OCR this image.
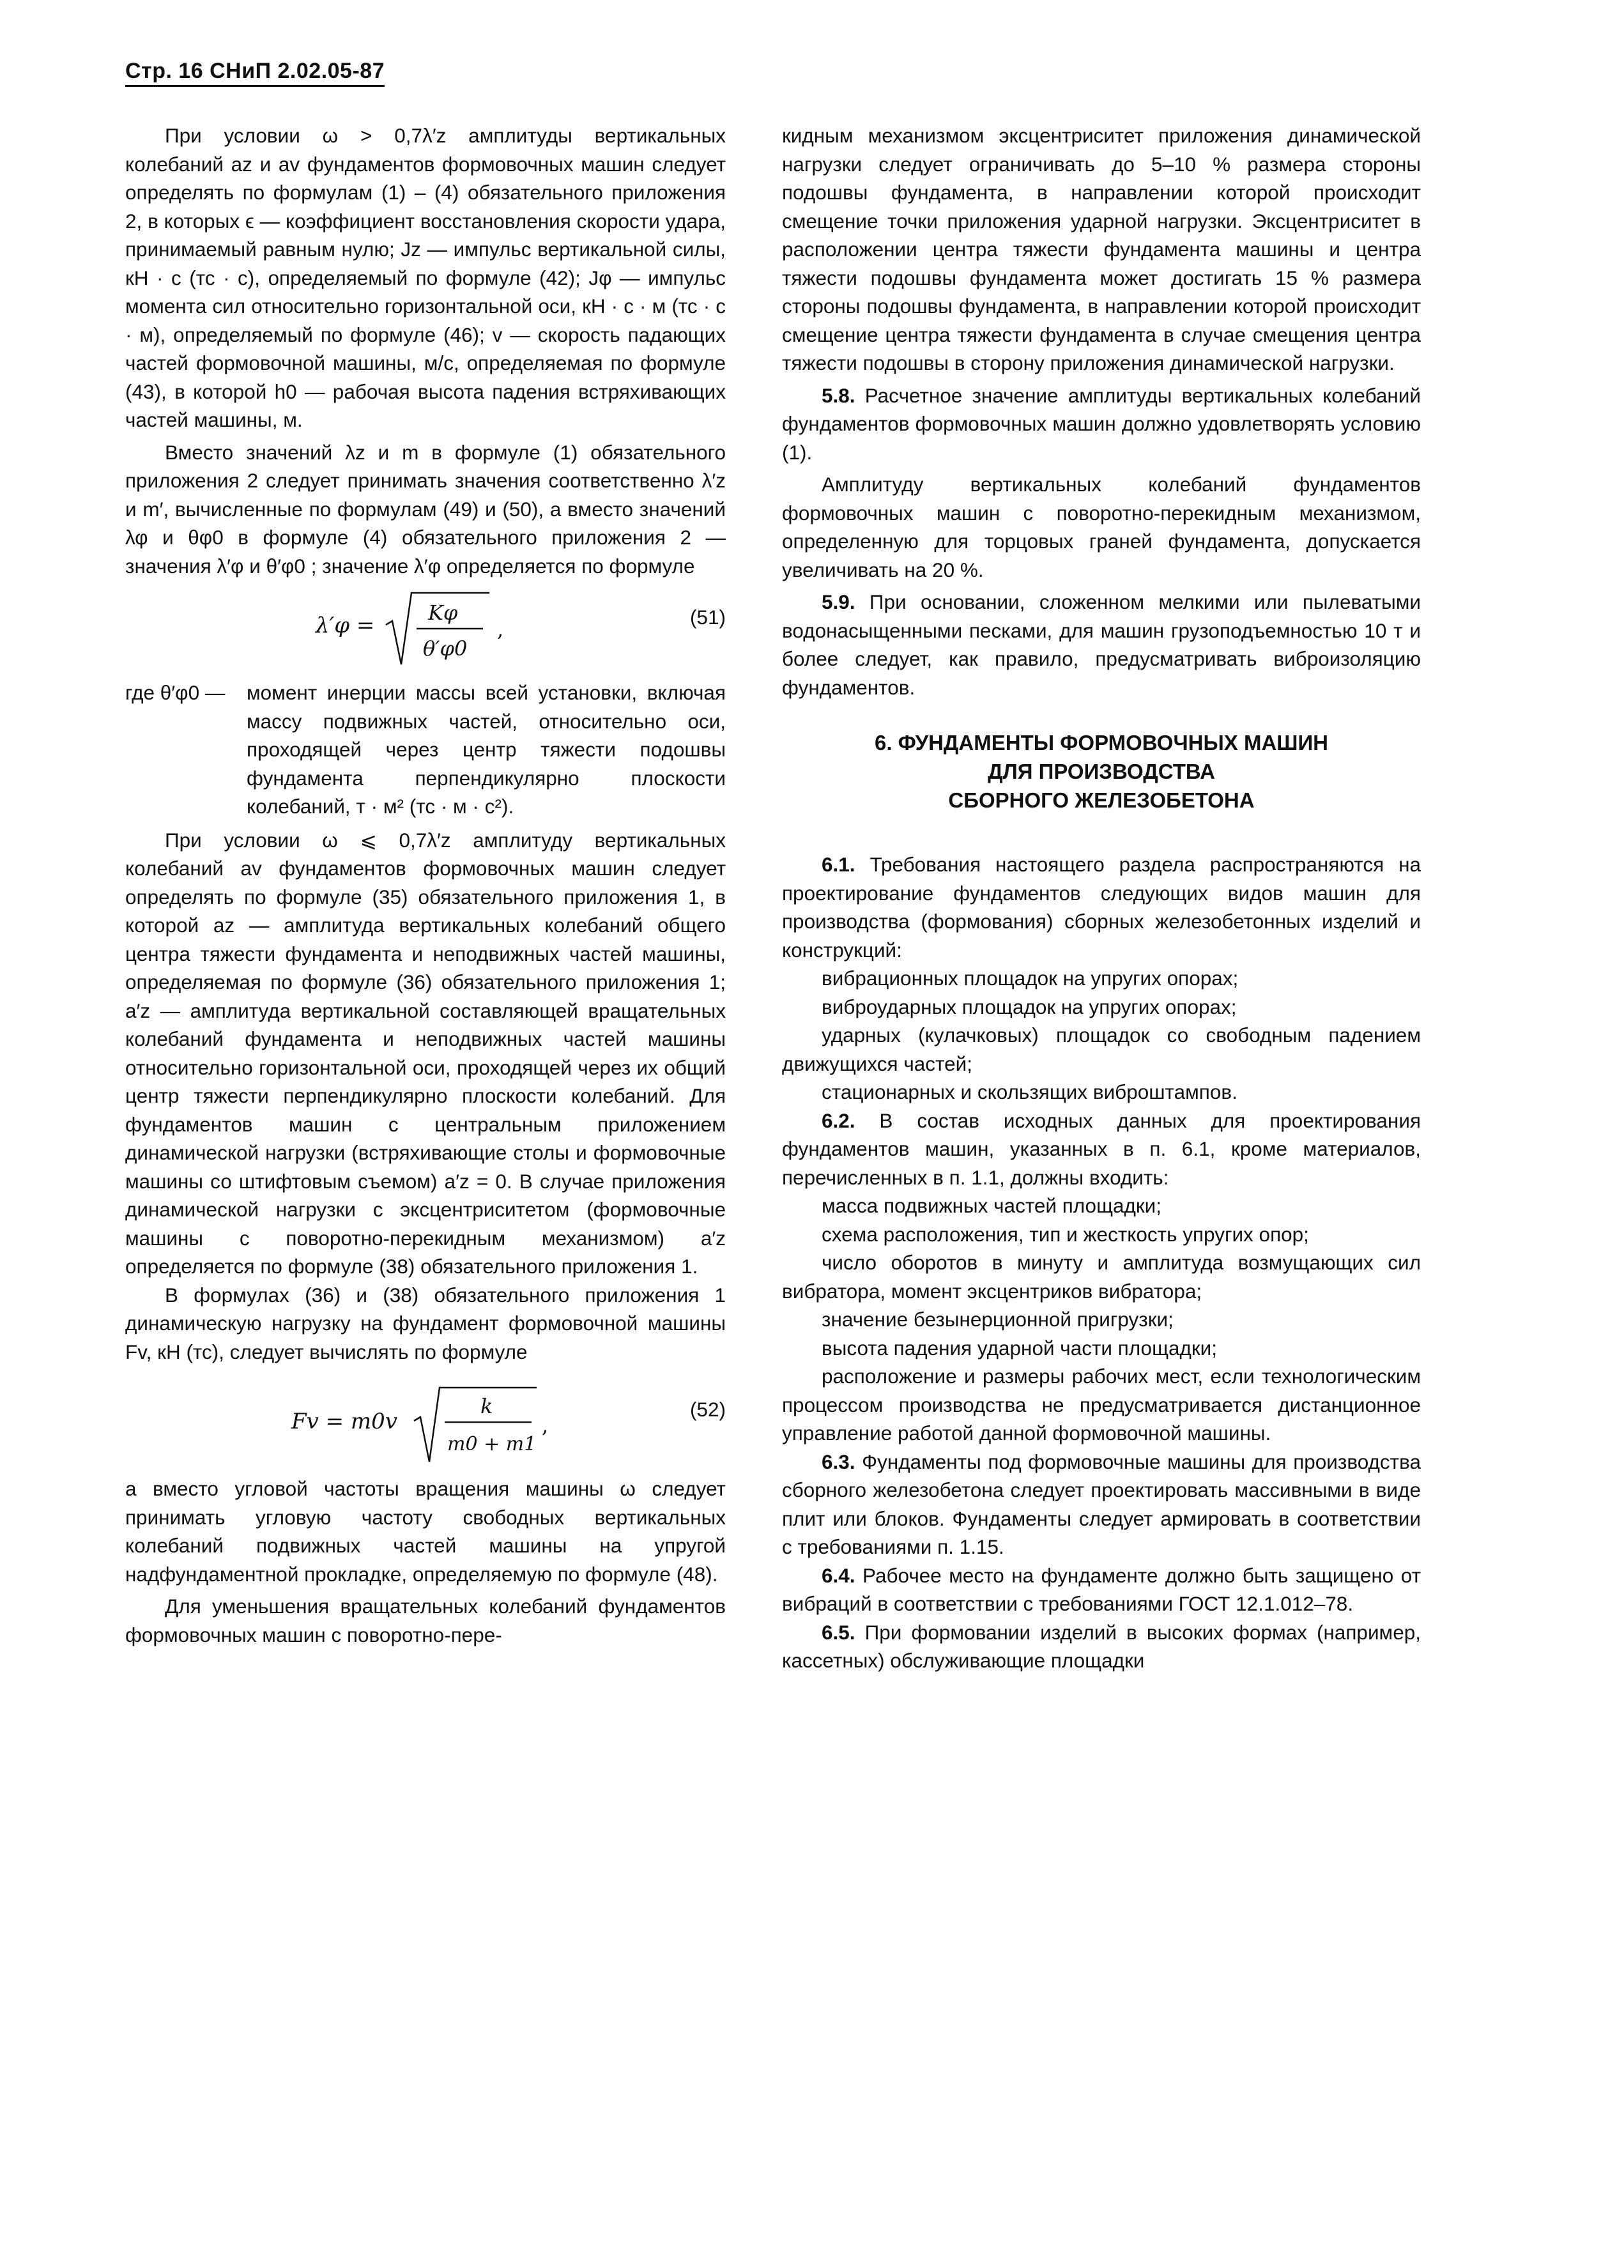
Стр. 16 СНиП 2.02.05-87

При условии ω > 0,7λ′z амплитуды вертикальных колебаний az и av фундаментов формовочных машин следует определять по формулам (1) – (4) обязательного приложения 2, в которых ϵ — коэффициент восстановления скорости удара, принимаемый равным нулю; Jz — импульс вертикальной силы, кН · с (тс · с), определяемый по формуле (42); Jφ — импульс момента сил относительно горизонтальной оси, кН · с · м (тс · с · м), определяемый по формуле (46); v — скорость падающих частей формовочной машины, м/с, определяемая по формуле (43), в которой h0 — рабочая высота падения встряхивающих частей машины, м.

Вместо значений λz и m в формуле (1) обязательного приложения 2 следует принимать значения соответственно λ′z и m′, вычисленные по формулам (49) и (50), а вместо значений λφ и θφ0 в формуле (4) обязательного приложения 2 — значения λ′φ и θ′φ0 ; значение λ′φ определяется по формуле

λ′φ =	Kφ
θ′φ0
,	(51)
где θ′φ0 —	момент инерции массы всей установки, включая массу подвижных частей, относительно оси, проходящей через центр тяжести подошвы фундамента перпендикулярно плоскости колебаний, т · м² (тс · м · с²).

При условии ω ⩽ 0,7λ′z амплитуду вертикальных колебаний av фундаментов формовочных машин следует определять по формуле (35) обязательного приложения 1, в которой az — амплитуда вертикальных колебаний общего центра тяжести фундамента и неподвижных частей машины, определяемая по формуле (36) обязательного приложения 1; a′z — амплитуда вертикальной составляющей вращательных колебаний фундамента и неподвижных частей машины относительно горизонтальной оси, проходящей через их общий центр тяжести перпендикулярно плоскости колебаний. Для фундаментов машин с центральным приложением динамической нагрузки (встряхивающие столы и формовочные машины со штифтовым съемом) a′z = 0. В случае приложения динамической нагрузки с эксцентриситетом (формовочные машины с поворотно-перекидным механизмом) a′z определяется по формуле (38) обязательного приложения 1.

В формулах (36) и (38) обязательного приложения 1 динамическую нагрузку на фундамент формовочной машины Fv, кН (тс), следует вычислять по формуле

Fv = m0v
k
m0 + m1
,
(52)

а вместо угловой частоты вращения машины ω следует принимать угловую частоту свободных вертикальных колебаний подвижных частей машины на упругой надфундаментной прокладке, определяемую по формуле (48).

Для уменьшения вращательных колебаний фундаментов формовочных машин с поворотно-пере-

кидным механизмом эксцентриситет приложения динамической нагрузки следует ограничивать до 5–10 % размера стороны подошвы фундамента, в направлении которой происходит смещение точки приложения ударной нагрузки. Эксцентриситет в расположении центра тяжести фундамента машины и центра тяжести подошвы фундамента может достигать 15 % размера стороны подошвы фундамента, в направлении которой происходит смещение центра тяжести фундамента в случае смещения центра тяжести подошвы в сторону приложения динамической нагрузки.

5.8. Расчетное значение амплитуды вертикальных колебаний фундаментов формовочных машин должно удовлетворять условию (1).

Амплитуду вертикальных колебаний фундаментов формовочных машин с поворотно-перекидным механизмом, определенную для торцовых граней фундамента, допускается увеличивать на 20 %.

5.9. При основании, сложенном мелкими или пылеватыми водонасыщенными песками, для машин грузоподъемностью 10 т и более следует, как правило, предусматривать виброизоляцию фундаментов.

6. ФУНДАМЕНТЫ ФОРМОВОЧНЫХ МАШИН
ДЛЯ ПРОИЗВОДСТВА
СБОРНОГО ЖЕЛЕЗОБЕТОНА

6.1. Требования настоящего раздела распространяются на проектирование фундаментов следующих видов машин для производства (формования) сборных железобетонных изделий и конструкций:

вибрационных площадок на упругих опорах;

виброударных площадок на упругих опорах;

ударных (кулачковых) площадок со свободным падением движущихся частей;

стационарных и скользящих виброштампов.

6.2. В состав исходных данных для проектирования фундаментов машин, указанных в п. 6.1, кроме материалов, перечисленных в п. 1.1, должны входить:

масса подвижных частей площадки;

схема расположения, тип и жесткость упругих опор;

число оборотов в минуту и амплитуда возмущающих сил вибратора, момент эксцентриков вибратора;

значение безынерционной пригрузки;

высота падения ударной части площадки;

расположение и размеры рабочих мест, если технологическим процессом производства не предусматривается дистанционное управление работой данной формовочной машины.

6.3. Фундаменты под формовочные машины для производства сборного железобетона следует проектировать массивными в виде плит или блоков. Фундаменты следует армировать в соответствии с требованиями п. 1.15.

6.4. Рабочее место на фундаменте должно быть защищено от вибраций в соответствии с требованиями ГОСТ 12.1.012–78.

6.5. При формовании изделий в высоких формах (например, кассетных) обслуживающие площадки
